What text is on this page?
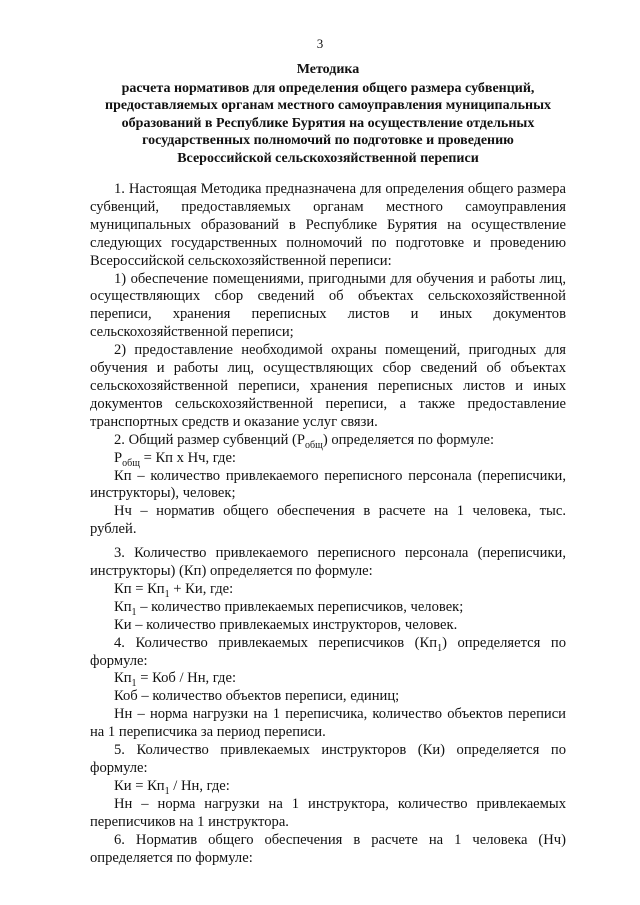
3
Методика
расчета нормативов для определения общего размера субвенций,
предоставляемых органам местного самоуправления муниципальных
образований в Республике Бурятия на осуществление отдельных
государственных полномочий по подготовке и проведению
Всероссийской сельскохозяйственной переписи

1. Настоящая Методика предназначена для определения общего размера субвенций, предоставляемых органам местного самоуправления муниципальных образований в Республике Бурятия на осуществление следующих государственных полномочий по подготовке и проведению Всероссийской сельскохозяйственной переписи:

1) обеспечение помещениями, пригодными для обучения и работы лиц, осуществляющих сбор сведений об объектах сельскохозяйственной переписи, хранения переписных листов и иных документов сельскохозяйственной переписи;

2) предоставление необходимой охраны помещений, пригодных для обучения и работы лиц, осуществляющих сбор сведений об объектах сельскохозяйственной переписи, хранения переписных листов и иных документов сельскохозяйственной переписи, а также предоставление транспортных средств и оказание услуг связи.

2. Общий размер субвенций $(Р_{общ})$ определяется по формуле:

$Р_{общ}$ = Кп х Нч, где:

Кп – количество привлекаемого переписного персонала (переписчики, инструкторы), человек;

Нч – норматив общего обеспечения в расчете на 1 человека, тыс. рублей.

3. Количество привлекаемого переписного персонала (переписчики, инструкторы) (Кп) определяется по формуле:

Кп = $Кп_1$ + Ки, где:

$Кп_1$ – количество привлекаемых переписчиков, человек;

Ки – количество привлекаемых инструкторов, человек.

4. Количество привлекаемых переписчиков $(Кп_1)$ определяется по формуле:

$Кп_1$ = Коб / Нн, где:

Коб – количество объектов переписи, единиц;

Нн – норма нагрузки на 1 переписчика, количество объектов переписи на 1 переписчика за период переписи.

5. Количество привлекаемых инструкторов (Ки) определяется по формуле:

Ки = $Кп_1$ / Нн, где:

Нн – норма нагрузки на 1 инструктора, количество привлекаемых переписчиков на 1 инструктора.

6. Норматив общего обеспечения в расчете на 1 человека (Нч) определяется по формуле:
